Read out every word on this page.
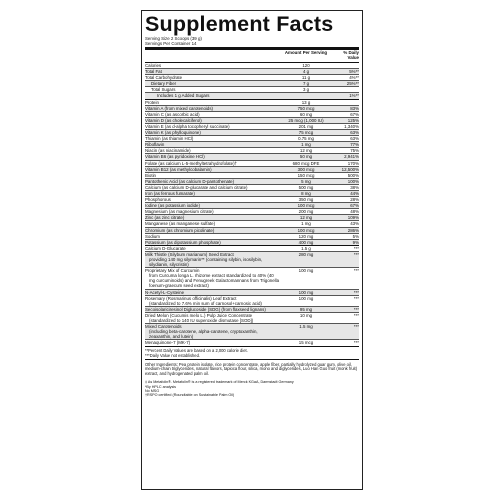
Supplement Facts
Serving Size 2 Scoops (39 g)
Servings Per Container 14
Amount Per Serving	% Daily Value
Calories	120
Total Fat	4 g	5%**
Total Carbohydrate	11 g	4%**
Dietary Fiber	7 g	25%**
Total Sugars	3 g
Includes 1 g Added Sugars	1%**
Protein	13 g
Vitamin A (from mixed carotenoids)	750 mcg	83%
Vitamin C (as ascorbic acid)	60 mg	67%
Vitamin D (as cholecalciferol)	25 mcg (1,000 IU)	125%
Vitamin E (as d-alpha tocopheryl succinate)	201 mg	1,340%
Vitamin K (as phylloquinone)	75 mcg	63%
Thiamin (as thiamin HCl)	0.75 mg	63%
Riboflavin	1 mg	77%
Niacin (as niacinamide)	12 mg	75%
Vitamin B6 (as pyridoxine HCl)	50 mg	2,941%
Folate (as calcium L-5-methyltetrahydrofolate)†	680 mcg DFE	170%
Vitamin B12 (as methylcobalamin)	300 mcg	12,500%
Biotin	150 mcg	500%
Pantothenic Acid (as calcium D-pantothenate)	5 mg	100%
Calcium (as calcium D-glucarate and calcium citrate)	500 mg	38%
Iron (as ferrous fumarate)	8 mg	44%
Phosphorous	350 mg	28%
Iodine (as potassium iodide)	100 mcg	67%
Magnesium (as magnesium citrate)	200 mg	48%
Zinc (as zinc citrate)	12 mg	109%
Manganese (as manganese sulfate)	1 mg	43%
Chromium (as chromium picolinate)	100 mcg	286%
Sodium	120 mg	5%
Potassium (as dipotassium phosphate)	400 mg	9%
Calcium D-Glucarate	1.5 g	***
Milk Thistle (Silybum marianum) Seed Extract
providing 140 mg silymarin** (containing silybin, isosilybin, silydianin, silycristin)
280 mg	***
Proprietary Mix of Curcumin
from Curcuma longa L. rhizome extract standardized to 40% (40 mg curcuminoids) and Fenugreek Galactomannans from Trigonella foenum-graecum seed extract)
100 mg	***
N-Acetyl-L-Cysteine	100 mg	***
Rosemary (Rosmarinus officinalis) Leaf Extract
(standardized to 7.6% min sum of carnosol+carnosic acid)
100 mg	***
Secoisolariciresinol Diglucoside (SDG) (from flaxseed lignans)	95 mg	***
Dried Melon (Cucumis melo L.) Pulp Juice Concentrate
(standardized to 140 IU superoxide dismutase [SOD])
10 mg	***
Mixed Carotenoids
(including beta-carotene, alpha-carotene, cryptoxanthin, zeaxanthin, and lutein)
1.5 mg	***
Menaquinone-7 (MK-7)	15 mcg	***
**Percent Daily Values are based on a 2,000 calorie diet.
***Daily Value not established.
Other Ingredients: Pea protein isolate, rice protein concentrate, apple fiber, partially hydrolyzed guar gum, olive oil, medium-chain triglycerides, natural flavors, tapioca flour, silica, mono and diglycerides, Luo Han Guo fruit (monk fruit) extract, and hydrogenated palm oil.
‡ As Metafolin®. Metafolin® is a registered trademark of Merck KGaA, Darmstadt Germany
*By HPLC analysis
No MSG
†RSPO certified (Roundtable on Sustainable Palm Oil)
